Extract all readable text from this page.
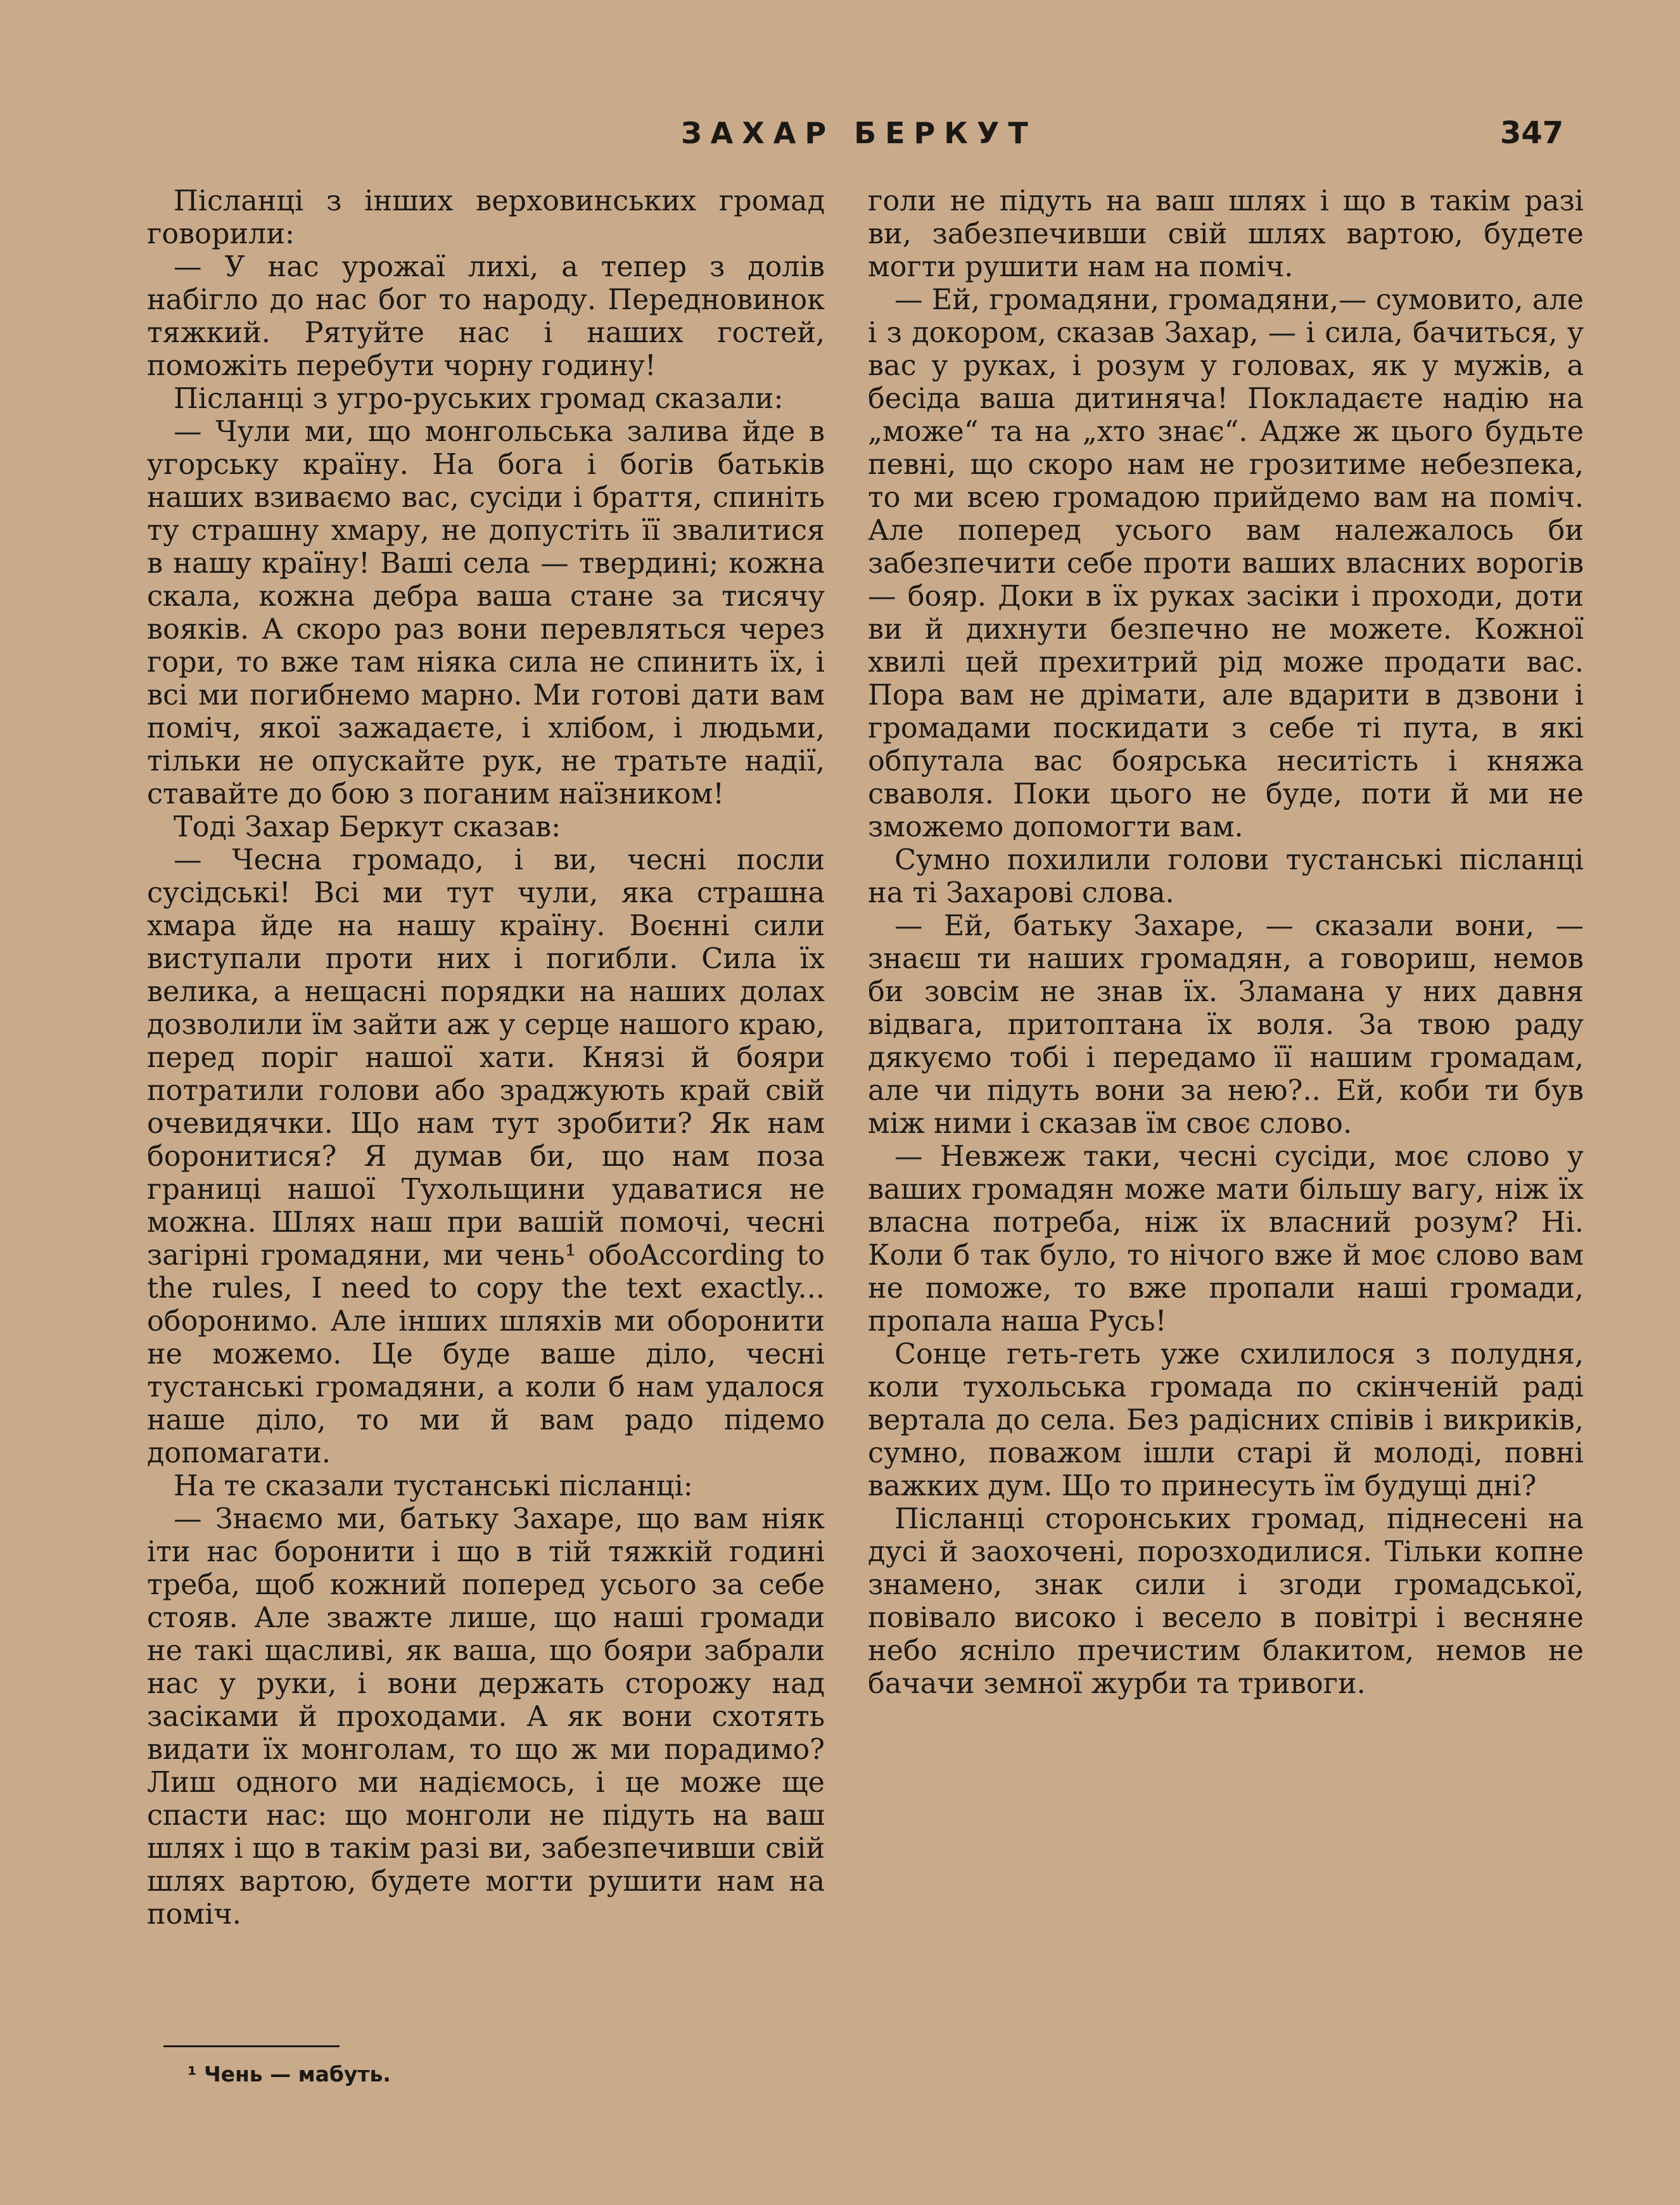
ЗАХАР БЕРКУТ	347

Післанці з інших верховинських громад говорили:

— У нас урожаї лихі, а тепер з долів набігло до нас бог то народу. Передновинок тяжкий. Рятуйте нас і наших гостей, поможіть перебути чорну годину!

Післанці з угро-руських громад сказали:

— Чули ми, що монгольська залива йде в угорську країну. На бога і богів батьків наших взиваємо вас, сусіди і браття, спиніть ту страшну хмару, не допустіть її звалитися в нашу країну! Ваші села — твердині; кожна скала, кожна дебра ваша стане за тисячу вояків. А скоро раз вони перевляться через гори, то вже там ніяка сила не спинить їх, і всі ми погибнемо марно. Ми готові дати вам поміч, якої зажадаєте, і хлібом, і людьми, тільки не опускайте рук, не тратьте надії, ставайте до бою з поганим наїзником!

Тоді Захар Беркут сказав:

— Чесна громадо, і ви, чесні посли сусідські! Всі ми тут чули, яка страшна хмара йде на нашу країну. Воєнні сили виступали проти них і погибли. Сила їх велика, а нещасні порядки на наших долах дозволили їм зайти аж у серце нашого краю, перед поріг нашої хати. Князі й бояри потратили голови або зраджують край свій очевидячки. Що нам тут зробити? Як нам боронитися? Я думав би, що нам поза границі нашої Тухольщини удаватися не можна. Шлях наш при вашій помочі, чесні загірні громадяни, ми чень¹ обоAccording to the rules, I need to copy the text exactly... оборонимо. Але інших шляхів ми оборонити не можемо. Це буде ваше діло, чесні тустанські громадяни, а коли б нам удалося наше діло, то ми й вам радо підемо допомагати.

На те сказали тустанські післанці:

— Знаємо ми, батьку Захаре, що вам ніяк іти нас боронити і що в тій тяжкій годині треба, щоб кожний поперед усього за себе стояв. Але зважте лише, що наші громади не такі щасливі, як ваша, що бояри забрали нас у руки, і вони держать сторожу над засіками й проходами. А як вони схотять видати їх монголам, то що ж ми порадимо? Лиш одного ми надіємось, і це може ще спасти нас: що монголи не підуть на ваш шлях і що в такім разі ви, забезпечивши свій шлях вартою, будете могти рушити нам на поміч.

голи не підуть на ваш шлях і що в такім разі ви, забезпечивши свій шлях вартою, будете могти рушити нам на поміч.

— Ей, громадяни, громадяни,— сумовито, але і з докором, сказав Захар, — і сила, бачиться, у вас у руках, і розум у головах, як у мужів, а бесіда ваша дитиняча! Покладаєте надію на „може“ та на „хто знає“. Адже ж цього будьте певні, що скоро нам не грозитиме небезпека, то ми всею громадою прийдемо вам на поміч. Але поперед усього вам належалось би забезпечити себе проти ваших власних ворогів — бояр. Доки в їх руках засіки і проходи, доти ви й дихнути безпечно не можете. Кожної хвилі цей прехитрий рід може продати вас. Пора вам не дрімати, але вдарити в дзвони і громадами поскидати з себе ті пута, в які обпутала вас боярська неситість і княжа сваволя. Поки цього не буде, поти й ми не зможемо допомогти вам.

Сумно похилили голови тустанські післанці на ті Захарові слова.

— Ей, батьку Захаре, — сказали вони, — знаєш ти наших громадян, а говориш, немов би зовсім не знав їх. Зламана у них давня відвага, притоптана їх воля. За твою раду дякуємо тобі і передамо її нашим громадам, але чи підуть вони за нею?.. Ей, коби ти був між ними і сказав їм своє слово.

— Невжеж таки, чесні сусіди, моє слово у ваших громадян може мати більшу вагу, ніж їх власна потреба, ніж їх власний розум? Ні. Коли б так було, то нічого вже й моє слово вам не поможе, то вже пропали наші громади, пропала наша Русь!

Сонце геть-геть уже схилилося з полудня, коли тухольська громада по скінченій раді вертала до села. Без радісних співів і викриків, сумно, поважом ішли старі й молоді, повні важких дум. Що то принесуть їм будущі дні?

Післанці сторонських громад, піднесені на дусі й заохочені, порозходилися. Тільки копне знамено, знак сили і згоди громадської, повівало високо і весело в повітрі і весняне небо яснілo пречистим блакитом, немов не бачачи земної журби та тривоги.

¹ Чень — мабуть.
